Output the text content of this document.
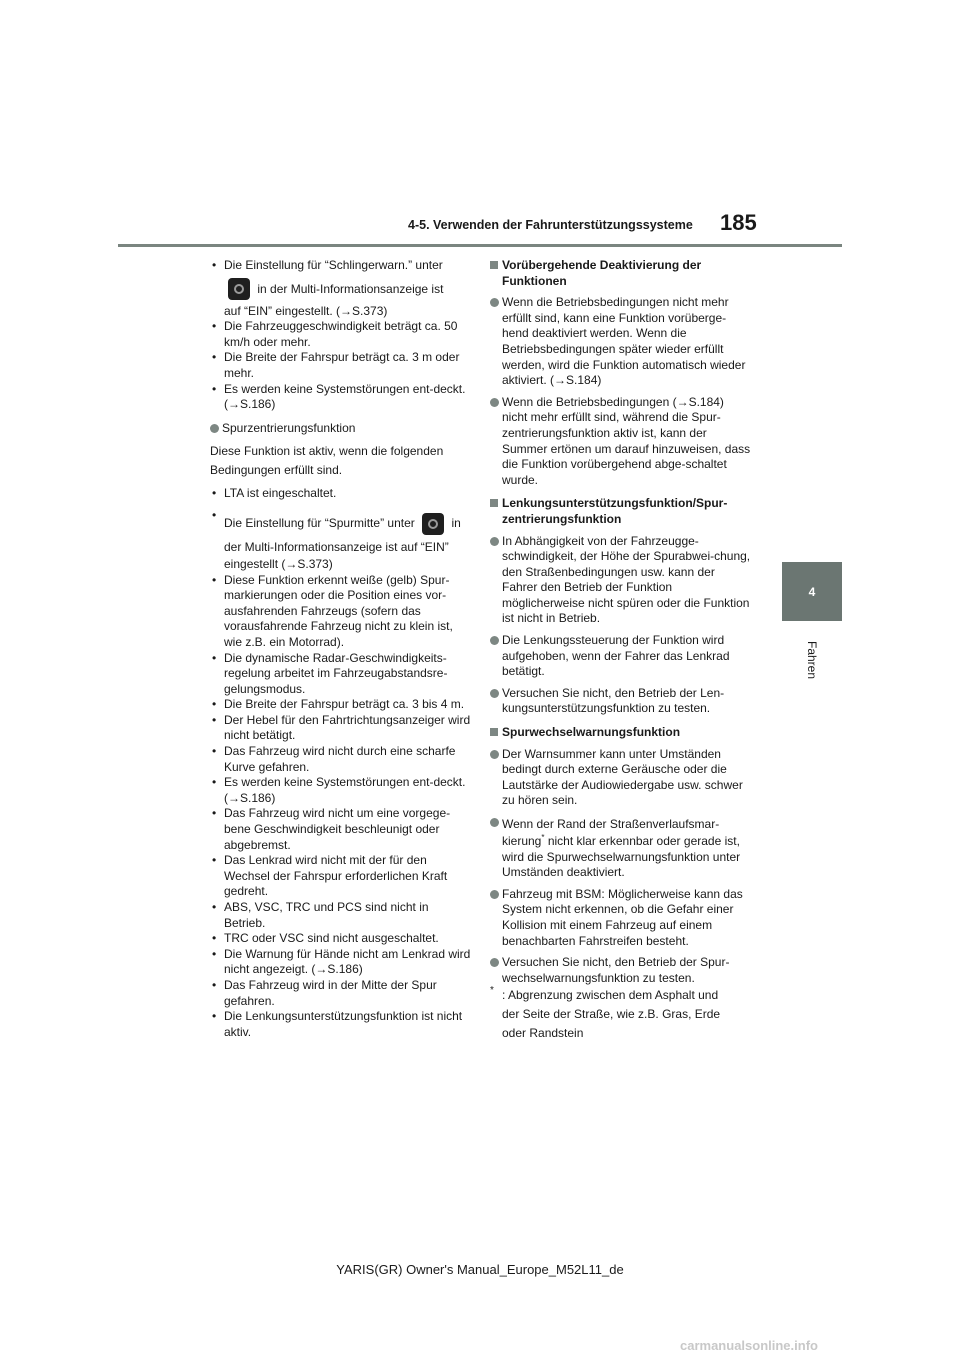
4-5. Verwenden der Fahrunterstützungssysteme 185
4
Fahren
• Die Einstellung für “Schlingerwarn.” unter
in der Multi-Informationsanzeige ist
auf “EIN” eingestellt. (→S.373)
• Die Fahrzeuggeschwindigkeit beträgt ca. 50 km/h oder mehr.
• Die Breite der Fahrspur beträgt ca. 3 m oder mehr.
• Es werden keine Systemstörungen ent-deckt. (→S.186)
Spurzentrierungsfunktion
Diese Funktion ist aktiv, wenn die folgenden
Bedingungen erfüllt sind.
• LTA ist eingeschaltet.
• Die Einstellung für “Spurmitte” unter	in
der Multi-Informationsanzeige ist auf “EIN”
eingestellt (→S.373)
• Diese Funktion erkennt weiße (gelb) Spur-markierungen oder die Position eines vor-ausfahrenden Fahrzeugs (sofern das vorausfahrende Fahrzeug nicht zu klein ist, wie z.B. ein Motorrad).
• Die dynamische Radar-Geschwindigkeits-regelung arbeitet im Fahrzeugabstandsre-gelungsmodus.
• Die Breite der Fahrspur beträgt ca. 3 bis 4 m.
• Der Hebel für den Fahrtrichtungsanzeiger wird nicht betätigt.
• Das Fahrzeug wird nicht durch eine scharfe Kurve gefahren.
• Es werden keine Systemstörungen ent-deckt. (→S.186)
• Das Fahrzeug wird nicht um eine vorgege-bene Geschwindigkeit beschleunigt oder abgebremst.
• Das Lenkrad wird nicht mit der für den Wechsel der Fahrspur erforderlichen Kraft gedreht.
• ABS, VSC, TRC und PCS sind nicht in Betrieb.
• TRC oder VSC sind nicht ausgeschaltet.
• Die Warnung für Hände nicht am Lenkrad wird nicht angezeigt. (→S.186)
• Das Fahrzeug wird in der Mitte der Spur gefahren.
• Die Lenkungsunterstützungsfunktion ist nicht aktiv.
Vorübergehende Deaktivierung der Funktionen
Wenn die Betriebsbedingungen nicht mehr erfüllt sind, kann eine Funktion vorüberge-hend deaktiviert werden. Wenn die Betriebsbedingungen später wieder erfüllt werden, wird die Funktion automatisch wieder aktiviert. (→S.184)
Wenn die Betriebsbedingungen (→S.184) nicht mehr erfüllt sind, während die Spur-zentrierungsfunktion aktiv ist, kann der Summer ertönen um darauf hinzuweisen, dass die Funktion vorübergehend abge-schaltet wurde.
Lenkungsunterstützungsfunktion/Spur-zentrierungsfunktion
In Abhängigkeit von der Fahrzeugge-schwindigkeit, der Höhe der Spurabwei-chung, den Straßenbedingungen usw. kann der Fahrer den Betrieb der Funktion möglicherweise nicht spüren oder die Funktion ist nicht in Betrieb.
Die Lenkungssteuerung der Funktion wird aufgehoben, wenn der Fahrer das Lenkrad betätigt.
Versuchen Sie nicht, den Betrieb der Len-kungsunterstützungsfunktion zu testen.
Spurwechselwarnungsfunktion
Der Warnsummer kann unter Umständen bedingt durch externe Geräusche oder die Lautstärke der Audiowiedergabe usw. schwer zu hören sein.
Wenn der Rand der Straßenverlaufsmar-
kierung* nicht klar erkennbar oder gerade ist, wird die Spurwechselwarnungsfunktion unter Umständen deaktiviert.
Fahrzeug mit BSM: Möglicherweise kann das System nicht erkennen, ob die Gefahr einer Kollision mit einem Fahrzeug auf einem benachbarten Fahrstreifen besteht.
Versuchen Sie nicht, den Betrieb der Spur-wechselwarnungsfunktion zu testen.
* : Abgrenzung zwischen dem Asphalt und
der Seite der Straße, wie z.B. Gras, Erde
oder Randstein
YARIS(GR) Owner's Manual_Europe_M52L11_de
carmanualsonline.info
